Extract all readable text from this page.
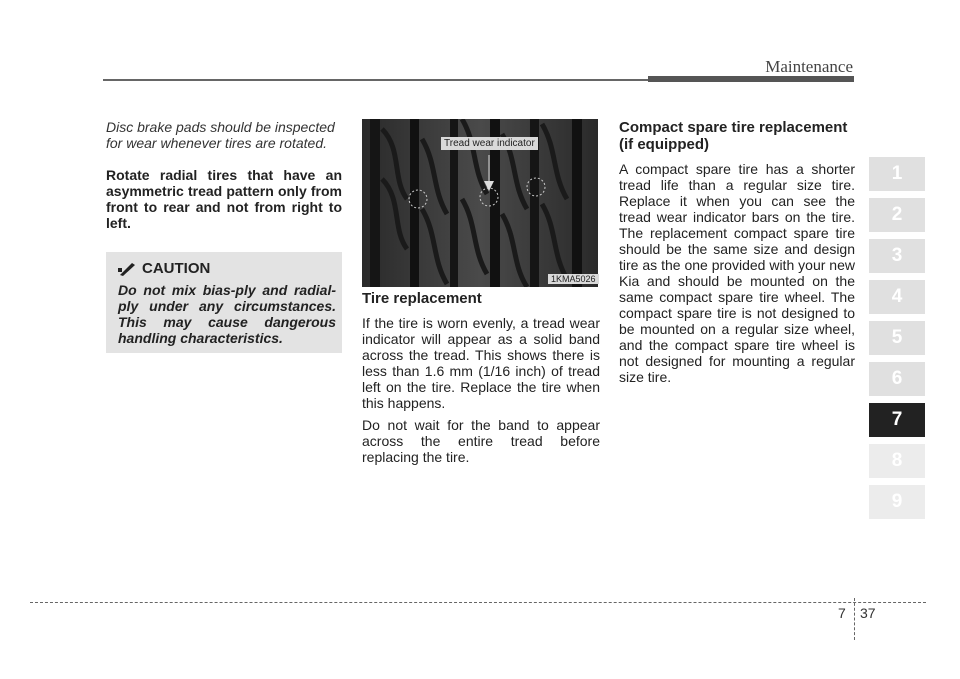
Maintenance

Disc brake pads should be inspected for wear whenever tires are rotated.

Rotate radial tires that have an asymmetric tread pattern only from front to rear and not from right to left.

CAUTION

Do not mix bias-ply and radial-ply under any circumstances. This may cause dangerous handling characteristics.

Tread wear indicator
1KMA5026
Tire replacement

If the tire is worn evenly, a tread wear indicator will appear as a solid band across the tread. This shows there is less than 1.6 mm (1/16 inch) of tread left on the tire. Replace the tire when this happens.

Do not wait for the band to appear across the entire tread before replacing the tire.

Compact spare tire replacement (if equipped)

A compact spare tire has a shorter tread life than a regular size tire. Replace it when you can see the tread wear indicator bars on the tire. The replacement compact spare tire should be the same size and design tire as the one provided with your new Kia and should be mounted on the same compact spare tire wheel. The compact spare tire is not designed to be mounted on a regular size wheel, and the compact spare tire wheel is not designed for mounting a regular size tire.

1
2
3
4
5
6
7
8
9
7 37
